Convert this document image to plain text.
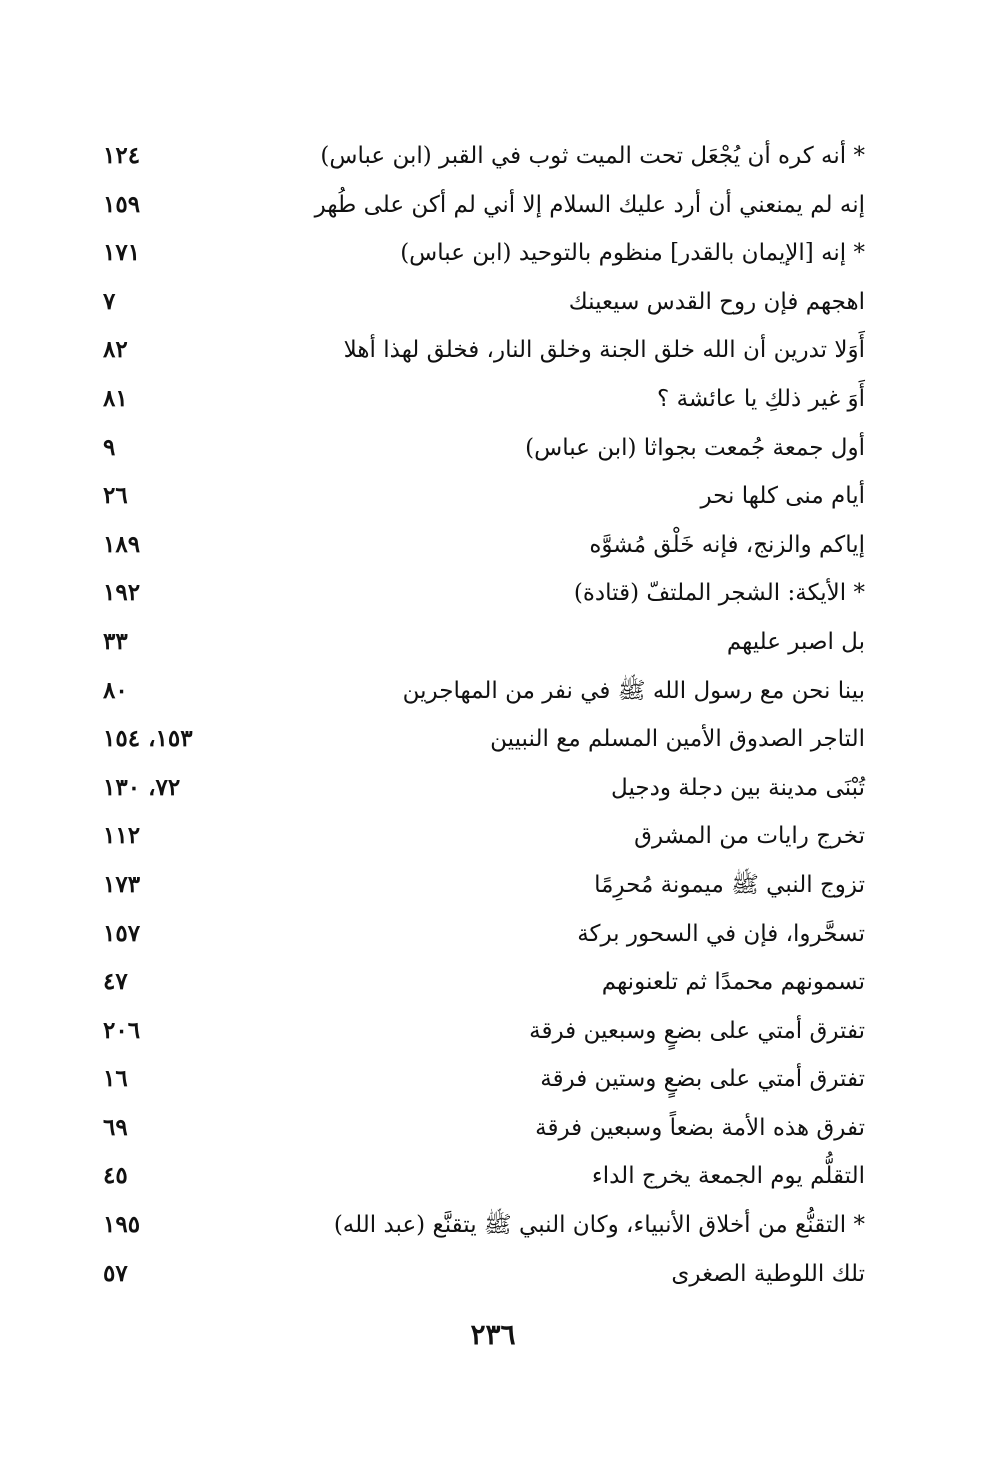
* أنه كره أن يُجْعَل تحت الميت ثوب في القبر (ابن عباس)
١٢٤
إنه لم يمنعني أن أرد عليك السلام إلا أني لم أكن على طُهر
١٥٩
* إنه [الإيمان بالقدر] منظوم بالتوحيد (ابن عباس)
١٧١
اهجهم فإن روح القدس سيعينك
٧
أَوَلا تدرين أن الله خلق الجنة وخلق النار، فخلق لهذا أهلا
٨٢
أَوَ غير ذلكِ يا عائشة ؟
٨١
أول جمعة جُمعت بجواثا (ابن عباس)
٩
أيام منى كلها نحر
٢٦
إياكم والزنج، فإنه خَلْق مُشوَّه
١٨٩
* الأيكة: الشجر الملتفّ (قتادة)
١٩٢
بل اصبر عليهم
٣٣
بينا نحن مع رسول الله ﷺ في نفر من المهاجرين
٨٠
التاجر الصدوق الأمين المسلم مع النبيين
١٥٣، ١٥٤
تُبْنَى مدينة بين دجلة ودجيل
٧٢، ١٣٠
تخرج رايات من المشرق
١١٢
تزوج النبي ﷺ ميمونة مُحرِمًا
١٧٣
تسحَّروا، فإن في السحور بركة
١٥٧
تسمونهم محمدًا ثم تلعنونهم
٤٧
تفترق أمتي على بضعٍ وسبعين فرقة
٢٠٦
تفترق أمتي على بضعٍ وستين فرقة
١٦
تفرق هذه الأمة بضعاً وسبعين فرقة
٦٩
التقلُّم يوم الجمعة يخرج الداء
٤٥
* التقنُّع من أخلاق الأنبياء، وكان النبي ﷺ يتقنَّع (عبد الله)
١٩٥
تلك اللوطية الصغرى
٥٧
٢٣٦
